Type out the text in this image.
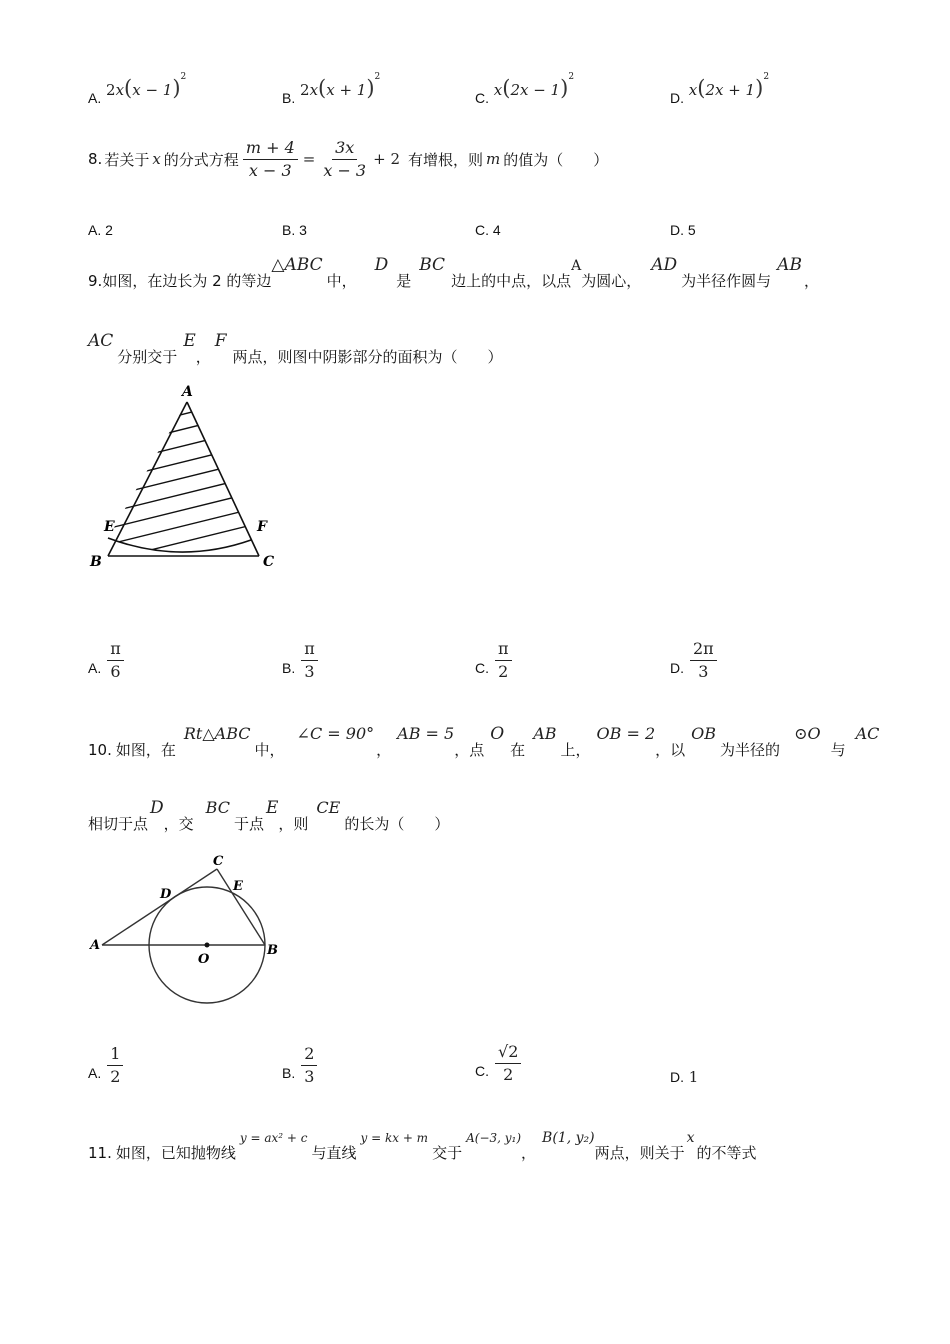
A. $2x(x - 1)^2$
B. $2x(x + 1)^2$
C. $x(2x - 1)^2$
D. $x(2x + 1)^2$
8. 若关于 x 的分式方程 $\frac{m + 4}{x - 3} = \frac{3x}{x - 3} + 2$ 有增根，则 m 的值为（　　）
A. 2	B. 3	C. 4	D. 5
9.如图，在边长为 2 的等边△ABC中，D是BC边上的中点，以点A为圆心，AD为半径作圆与AB，
AC分别交于E，F两点，则图中阴影部分的面积为（　　）
A
E	F
B	C
A. $\frac{\pi}{6}$	B. $\frac{\pi}{3}$	C. $\frac{\pi}{2}$	D. $\frac{2\pi}{3}$
10. 如图，在Rt△ABC中，∠C = 90°，AB = 5，点O在AB上，OB = 2，以OB为半径的⊙O与AC
相切于点D，交BC于点E，则CE的长为（　　）
C
D
E
A	B
O
A. $\frac{1}{2}$	B. $\frac{2}{3}$	C. $\frac{√2}{2}$	D. 1
11. 如图，已知抛物线y = ax² + c与直线y = kx + m交于A(−3, y₁)，B(1, y₂)两点，则关于x的不等式
